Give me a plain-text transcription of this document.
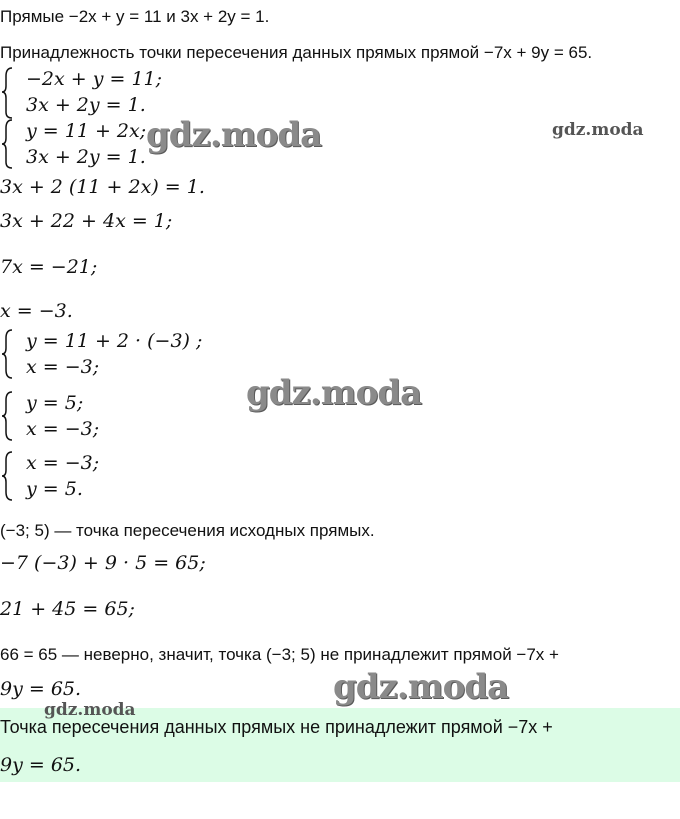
Прямые −2x + y = 11 и 3x + 2y = 1.
Принадлежность точки пересечения данных прямых прямой −7x + 9y = 65.
−2x + y = 11;
3x + 2y = 1.
y = 11 + 2x;
3x + 2y = 1.
3x + 2 (11 + 2x) = 1.
3x + 22 + 4x = 1;
7x = −21;
x = −3.
y = 11 + 2 · (−3) ;
x = −3;
y = 5;
x = −3;
x = −3;
y = 5.
(−3; 5) — точка пересечения исходных прямых.
−7 (−3) + 9 · 5 = 65;
21 + 45 = 65;
66 = 65 — неверно, значит, точка (−3; 5) не принадлежит прямой −7x +
9y = 65.
Точка пересечения данных прямых не принадлежит прямой −7x +
9y = 65.
gdz.moda	gdz.moda
gdz.moda
gdz.moda
gdz.moda
